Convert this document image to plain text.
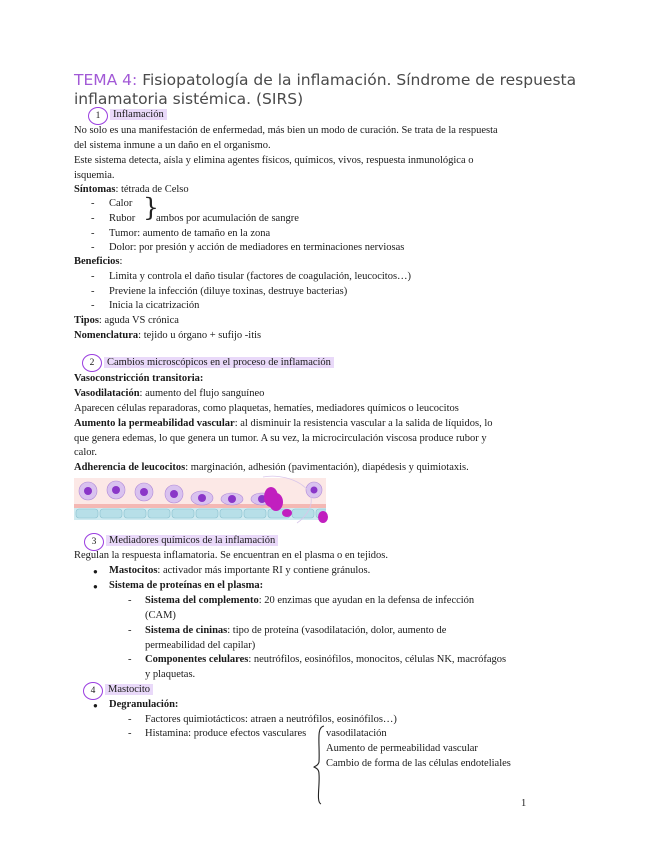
TEMA 4: Fisiopatología de la inflamación. Síndrome de respuesta inflamatoria sistémica. (SIRS)
1	Inflamación
No solo es una manifestación de enfermedad, más bien un modo de curación. Se trata de la respuesta
del sistema inmune a un daño en el organismo.
Este sistema detecta, aísla y elimina agentes físicos, químicos, vivos, respuesta inmunológica o
isquemia.
Síntomas: tétrada de Celso
- Calor
- Rubor }
ambos por acumulación de sangre
- Tumor: aumento de tamaño en la zona
- Dolor: por presión y acción de mediadores en terminaciones nerviosas
Beneficios:
- Limita y controla el daño tisular (factores de coagulación, leucocitos…)
- Previene la infección (diluye toxinas, destruye bacterias)
- Inicia la cicatrización
Tipos: aguda VS crónica
Nomenclatura: tejido u órgano + sufijo -itis
2	Cambios microscópicos en el proceso de inflamación
Vasoconstricción transitoria:
Vasodilatación: aumento del flujo sanguíneo
Aparecen células reparadoras, como plaquetas, hematíes, mediadores químicos o leucocitos
Aumento la permeabilidad vascular: al disminuir la resistencia vascular a la salida de líquidos, lo
que genera edemas, lo que genera un tumor. A su vez, la microcirculación viscosa produce rubor y
calor.
Adherencia de leucocitos: marginación, adhesión (pavimentación), diapédesis y quimiotaxis.
3	Mediadores químicos de la inflamación
Regulan la respuesta inflamatoria. Se encuentran en el plasma o en tejidos.
● Mastocitos: activador más importante RI y contiene gránulos.
● Sistema de proteínas en el plasma:
- Sistema del complemento: 20 enzimas que ayudan en la defensa de infección
(CAM)
- Sistema de cininas: tipo de proteína (vasodilatación, dolor, aumento de
permeabilidad del capilar)
- Componentes celulares: neutrófilos, eosinófilos, monocitos, células NK, macrófagos
y plaquetas.
4	Mastocito
● Degranulación:
- Factores quimiotácticos: atraen a neutrófilos, eosinófilos…)
- Histamina: produce efectos vasculares vasodilatación
Aumento de permeabilidad vascular
Cambio de forma de las células endoteliales
1
